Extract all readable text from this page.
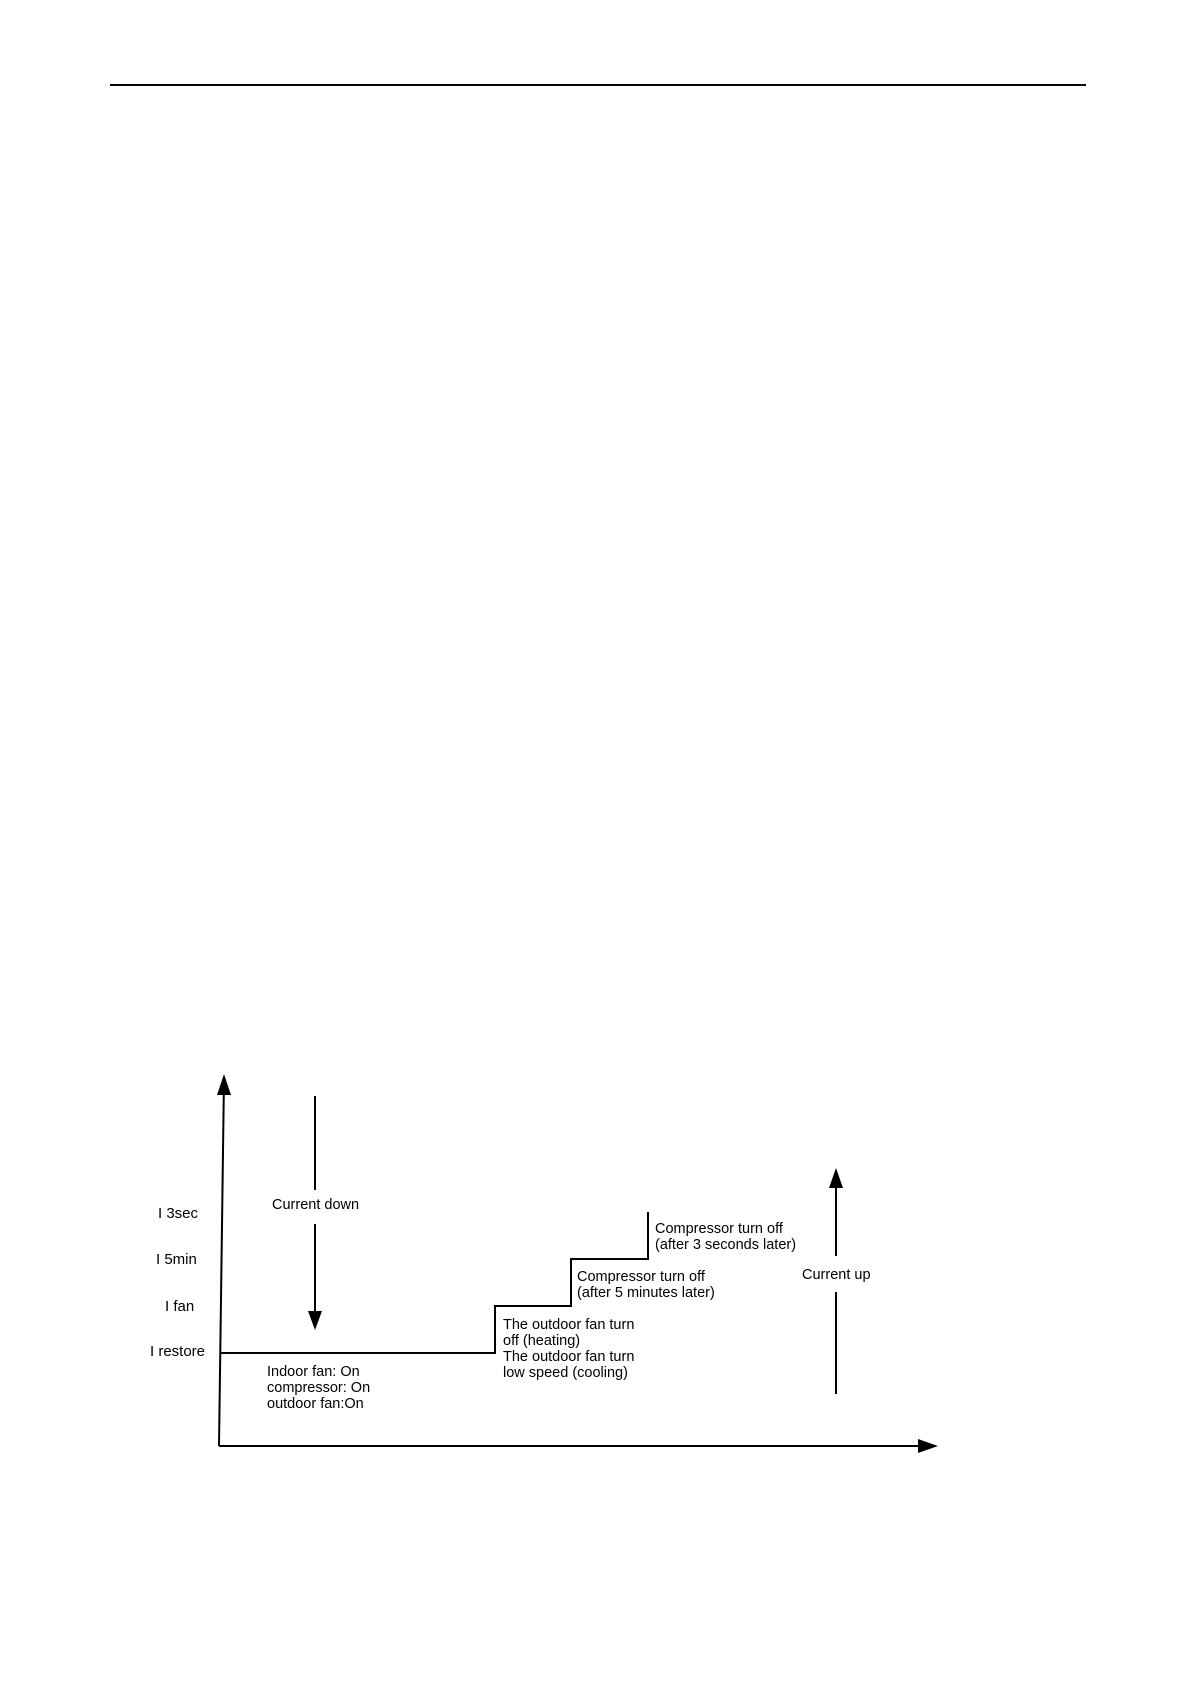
I 3sec
I 5min
I fan
I restore
Current down
Current up
Indoor fan: On
compressor: On
outdoor fan:On
The outdoor fan turn
off (heating)
The outdoor fan turn
low speed (cooling)
Compressor turn off
(after 5 minutes later)
Compressor turn off
(after 3 seconds later)
